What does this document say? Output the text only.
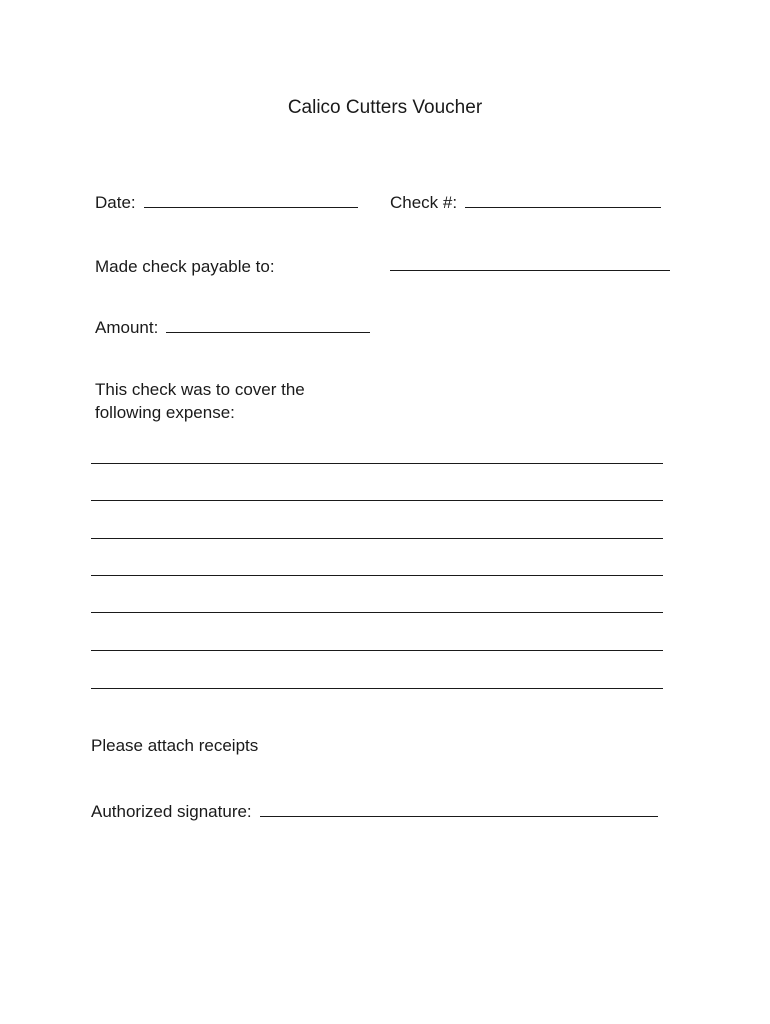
Calico Cutters Voucher
Date:	Check #:
Made check payable to:
Amount:
This check was to cover the following expense:
Please attach receipts
Authorized signature:
